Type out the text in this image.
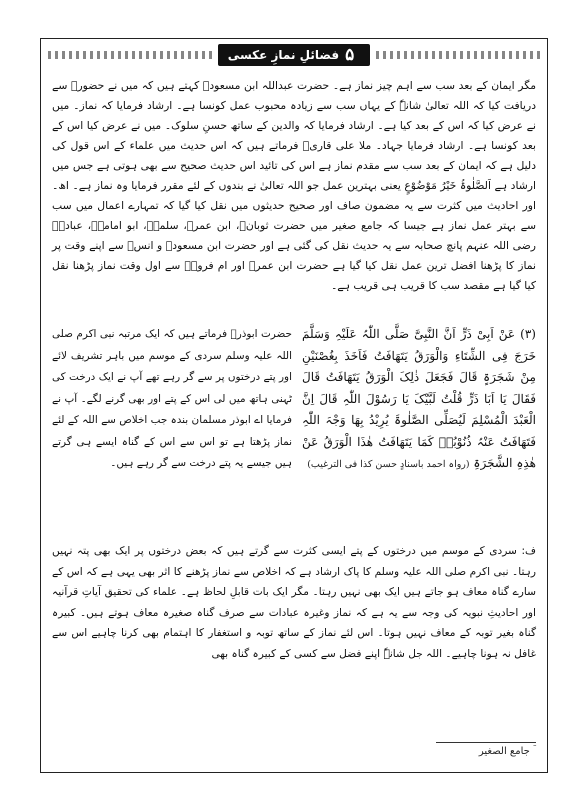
۵
فضائلِ نمازِ عکسی

مگر ایمان کے بعد سب سے اہم چیز نماز ہے۔ حضرت عبداللہ ابن مسعودؓ کہتے ہیں کہ میں نے حضورؐ سے دریافت کیا کہ اللہ تعالیٰ شانہٗ کے یہاں سب سے زیادہ محبوب عمل کونسا ہے۔ ارشاد فرمایا کہ نماز۔ میں نے عرض کیا کہ اس کے بعد کیا ہے۔ ارشاد فرمایا کہ والدین کے ساتھ حسنِ سلوک۔ میں نے عرض کیا اس کے بعد کونسا ہے۔ ارشاد فرمایا جہاد۔ ملا علی قاریؒ فرماتے ہیں کہ اس حدیث میں علماء کے اس قول کی دلیل ہے کہ ایمان کے بعد سب سے مقدم نماز ہے اس کی تائید اس حدیث صحیح سے بھی ہوتی ہے جس میں ارشاد ہے اَلصَّلٰوۃُ خَیْرُ مَوْضُوْعٍ یعنی بہترین عمل جو اللہ تعالیٰ نے بندوں کے لئے مقرر فرمایا وہ نماز ہے۔ اھ۔ اور احادیث میں کثرت سے یہ مضمون صاف اور صحیح حدیثوں میں نقل کیا گیا کہ تمہارے اعمال میں سب سے بہتر عمل نماز ہے جیسا کہ جامع صغیر میں حضرت ثوبانؓ، ابن عمرؓ، سلمہؓ، ابو امامہؓ، عبادہؓ رضی اللہ عنہم پانچ صحابہ سے یہ حدیث نقل کی گئی ہے اور حضرت ابن مسعودؓ و انسؓ سے اپنے وقت پر نماز کا پڑھنا افضل ترین عمل نقل کیا گیا ہے حضرت ابن عمرؓ اور ام فروہؓ سے اول وقت نماز پڑھنا نقل کیا گیا ہے مقصد سب کا قریب ہی قریب ہے۔

(۳) عَنْ اَبِیْ ذَرٍّ اَنَّ النَّبِیَّ صَلَّی اللّٰہُ عَلَیْہِ وَسَلَّمَ خَرَجَ فِی الشِّتَاءِ وَالْوَرَقُ یَتَھَافَتُ فَاَخَذَ بِغُصْنَیْنِ مِنْ شَجَرَۃٍ قَالَ فَجَعَلَ ذٰلِکَ الْوَرَقُ یَتَھَافَتُ قَالَ فَقَالَ یَا اَبَا ذَرٍّ قُلْتُ لَبَّیْکَ یَا رَسُوْلَ اللّٰہِ قَالَ اِنَّ الْعَبْدَ الْمُسْلِمَ لَیُصَلِّی الصَّلٰوۃَ یُرِیْدُ بِھَا وَجْہَ اللّٰہِ فَتَھَافَتُ عَنْہُ ذُنُوْبُہٗ کَمَا یَتَھَافَتُ ھٰذَا الْوَرَقُ عَنْ ھٰذِہِ الشَّجَرَۃِ (رواہ احمد باسنادٍ حسن کذا فی الترغیب)
حضرت ابوذرؓ فرماتے ہیں کہ ایک مرتبہ نبی اکرم صلی اللہ علیہ وسلم سردی کے موسم میں باہر تشریف لائے اور پتے درختوں پر سے گر رہے تھے آپ نے ایک درخت کی ٹہنی ہاتھ میں لی اس کے پتے اور بھی گرنے لگے۔ آپ نے فرمایا اے ابوذر مسلمان بندہ جب اخلاص سے اللہ کے لئے نماز پڑھتا ہے تو اس سے اس کے گناہ ایسے ہی گرتے ہیں جیسے یہ پتے درخت سے گر رہے ہیں۔

ف: سردی کے موسم میں درختوں کے پتے ایسی کثرت سے گرتے ہیں کہ بعض درختوں پر ایک بھی پتہ نہیں رہتا۔ نبی اکرم صلی اللہ علیہ وسلم کا پاک ارشاد ہے کہ اخلاص سے نماز پڑھنے کا اثر بھی یہی ہے کہ اس کے سارے گناہ معاف ہو جاتے ہیں ایک بھی نہیں رہتا۔ مگر ایک بات قابلِ لحاظ ہے۔ علماء کی تحقیق آیاتِ قرآنیہ اور احادیثِ نبویہ کی وجہ سے یہ ہے کہ نماز وغیرہ عبادات سے صرف گناہ صغیرہ معاف ہوتے ہیں۔ کبیرہ گناہ بغیر توبہ کے معاف نہیں ہوتا۔ اس لئے نماز کے ساتھ توبہ و استغفار کا اہتمام بھی کرنا چاہیے اس سے غافل نہ ہونا چاہیے۔ اللہ جل شانہٗ اپنے فضل سے کسی کے کبیرہ گناہ بھی

ؔ جامع الصغیر
